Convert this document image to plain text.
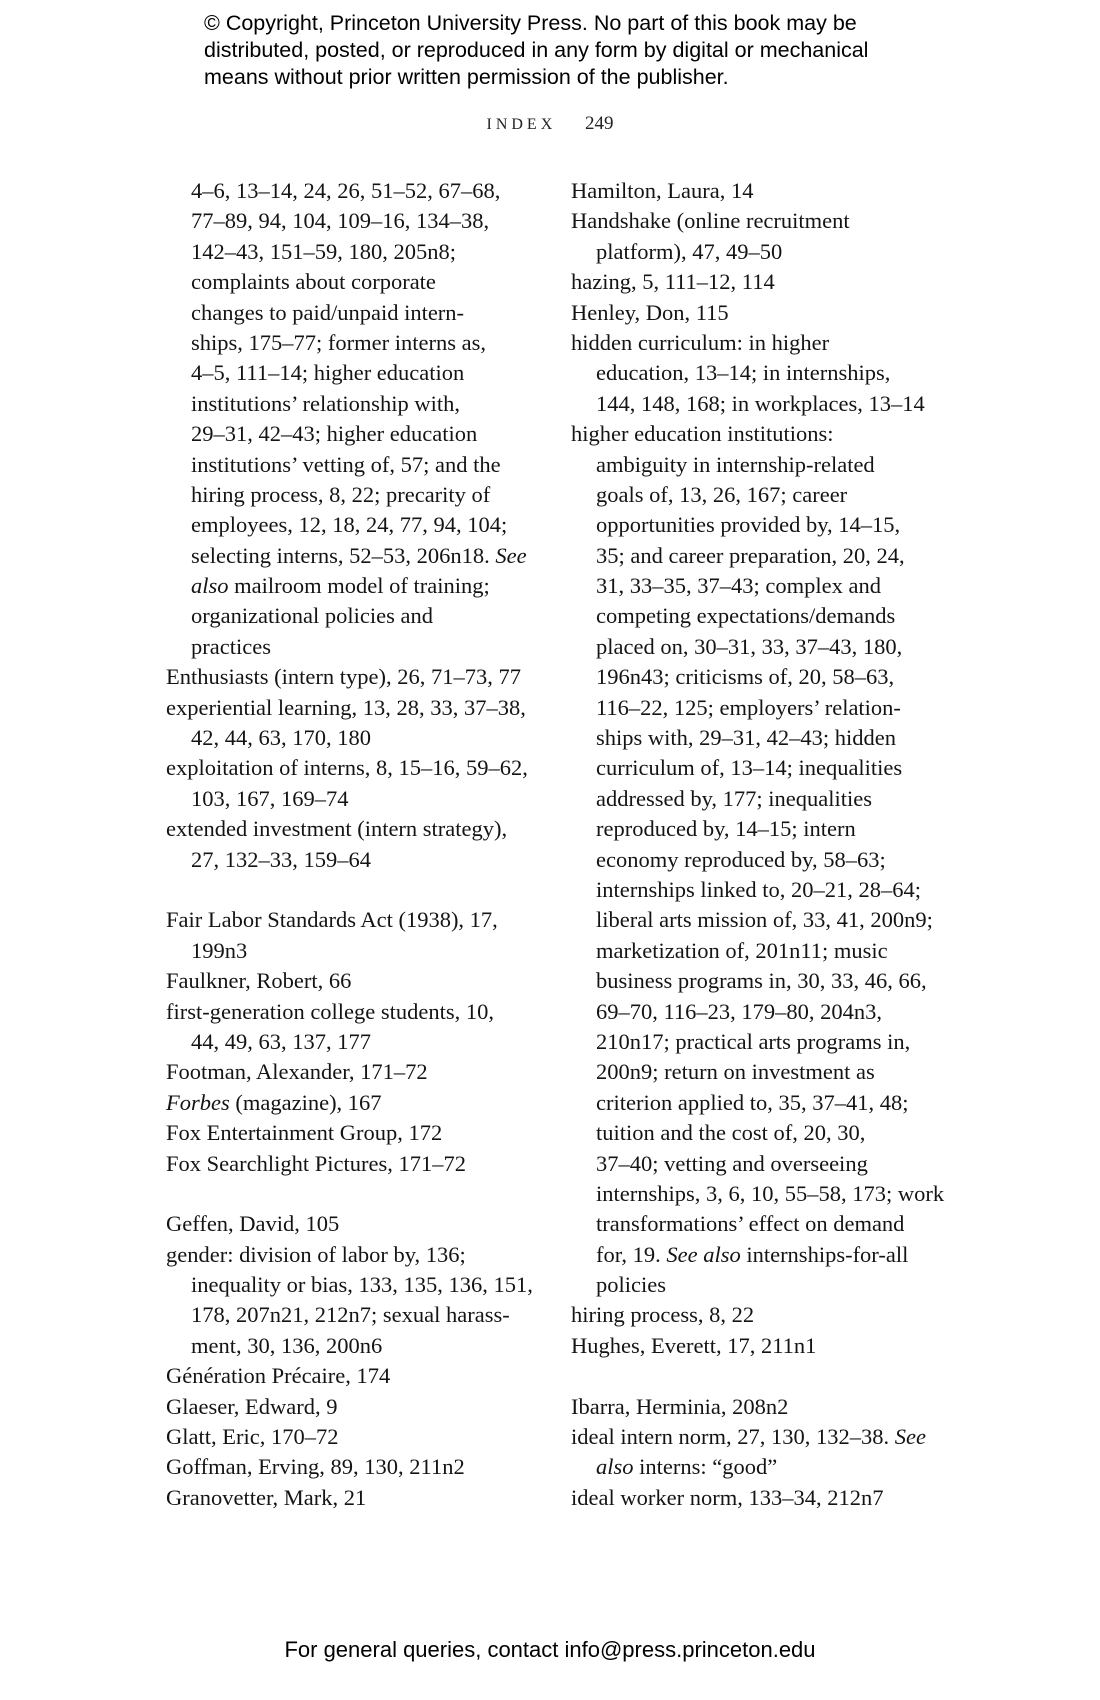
© Copyright, Princeton University Press. No part of this book may be

distributed, posted, or reproduced in any form by digital or mechanical

means without prior written permission of the publisher.

INDEX 249
4–6, 13–14, 24, 26, 51–52, 67–68,
77–89, 94, 104, 109–16, 134–38,
142–43, 151–59, 180, 205n8;
complaints about corporate
changes to paid/unpaid intern-
ships, 175–77; former interns as,
4–5, 111–14; higher education
institutions’ relationship with,
29–31, 42–43; higher education
institutions’ vetting of, 57; and the
hiring process, 8, 22; precarity of
employees, 12, 18, 24, 77, 94, 104;
selecting interns, 52–53, 206n18. See
also mailroom model of training;
organizational policies and
practices
Enthusiasts (intern type), 26, 71–73, 77
experiential learning, 13, 28, 33, 37–38,
42, 44, 63, 170, 180
exploitation of interns, 8, 15–16, 59–62,
103, 167, 169–74
extended investment (intern strategy),
27, 132–33, 159–64
Fair Labor Standards Act (1938), 17,
199n3
Faulkner, Robert, 66
first-generation college students, 10,
44, 49, 63, 137, 177
Footman, Alexander, 171–72
Forbes (magazine), 167
Fox Entertainment Group, 172
Fox Searchlight Pictures, 171–72
Geffen, David, 105
gender: division of labor by, 136;
inequality or bias, 133, 135, 136, 151,
178, 207n21, 212n7; sexual harass-
ment, 30, 136, 200n6
Génération Précaire, 174
Glaeser, Edward, 9
Glatt, Eric, 170–72
Goffman, Erving, 89, 130, 211n2
Granovetter, Mark, 21
Hamilton, Laura, 14
Handshake (online recruitment
platform), 47, 49–50
hazing, 5, 111–12, 114
Henley, Don, 115
hidden curriculum: in higher
education, 13–14; in internships,
144, 148, 168; in workplaces, 13–14
higher education institutions:
ambiguity in internship-related
goals of, 13, 26, 167; career
opportunities provided by, 14–15,
35; and career preparation, 20, 24,
31, 33–35, 37–43; complex and
competing expectations/demands
placed on, 30–31, 33, 37–43, 180,
196n43; criticisms of, 20, 58–63,
116–22, 125; employers’ relation-
ships with, 29–31, 42–43; hidden
curriculum of, 13–14; inequalities
addressed by, 177; inequalities
reproduced by, 14–15; intern
economy reproduced by, 58–63;
internships linked to, 20–21, 28–64;
liberal arts mission of, 33, 41, 200n9;
marketization of, 201n11; music
business programs in, 30, 33, 46, 66,
69–70, 116–23, 179–80, 204n3,
210n17; practical arts programs in,
200n9; return on investment as
criterion applied to, 35, 37–41, 48;
tuition and the cost of, 20, 30,
37–40; vetting and overseeing
internships, 3, 6, 10, 55–58, 173; work
transformations’ effect on demand
for, 19. See also internships-for-all
policies
hiring process, 8, 22
Hughes, Everett, 17, 211n1
Ibarra, Herminia, 208n2
ideal intern norm, 27, 130, 132–38. See
also interns: “good”
ideal worker norm, 133–34, 212n7
For general queries, contact info@press.princeton.edu
